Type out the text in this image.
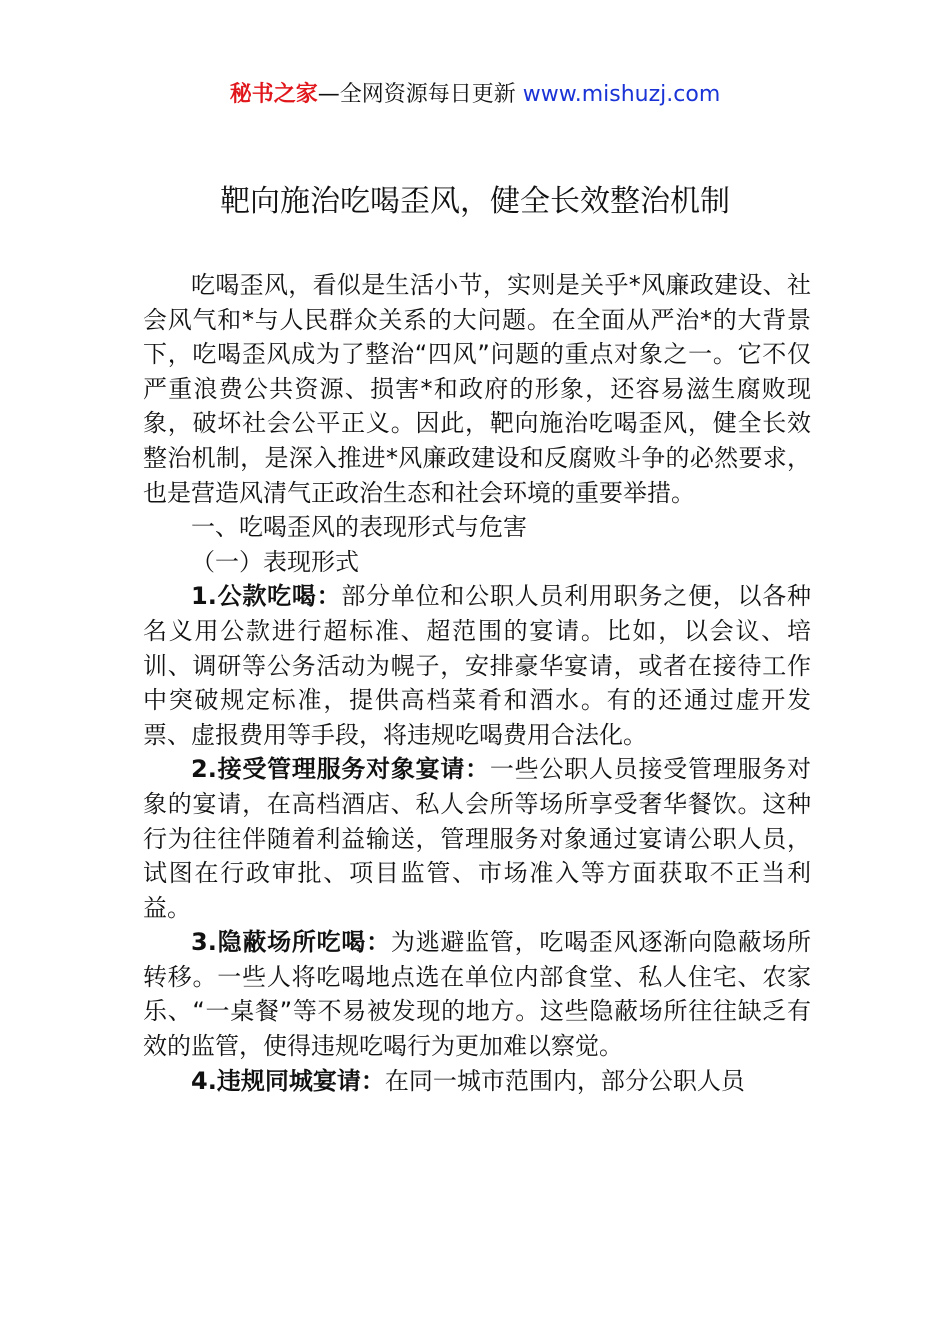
秘书之家—全网资源每日更新 www.mishuzj.com
靶向施治吃喝歪风，健全长效整治机制

吃喝歪风，看似是生活小节，实则是关乎*风廉政建设、社会风气和*与人民群众关系的大问题。在全面从严治*的大背景下，吃喝歪风成为了整治“四风”问题的重点对象之一。它不仅严重浪费公共资源、损害*和政府的形象，还容易滋生腐败现象，破坏社会公平正义。因此，靶向施治吃喝歪风，健全长效整治机制，是深入推进*风廉政建设和反腐败斗争的必然要求，也是营造风清气正政治生态和社会环境的重要举措。

一、吃喝歪风的表现形式与危害

（一）表现形式

1.公款吃喝：部分单位和公职人员利用职务之便，以各种名义用公款进行超标准、超范围的宴请。比如，以会议、培训、调研等公务活动为幌子，安排豪华宴请，或者在接待工作中突破规定标准，提供高档菜肴和酒水。有的还通过虚开发票、虚报费用等手段，将违规吃喝费用合法化。

2.接受管理服务对象宴请：一些公职人员接受管理服务对象的宴请，在高档酒店、私人会所等场所享受奢华餐饮。这种行为往往伴随着利益输送，管理服务对象通过宴请公职人员，试图在行政审批、项目监管、市场准入等方面获取不正当利益。

3.隐蔽场所吃喝：为逃避监管，吃喝歪风逐渐向隐蔽场所转移。一些人将吃喝地点选在单位内部食堂、私人住宅、农家乐、“一桌餐”等不易被发现的地方。这些隐蔽场所往往缺乏有效的监管，使得违规吃喝行为更加难以察觉。

4.违规同城宴请：在同一城市范围内，部分公职人员
